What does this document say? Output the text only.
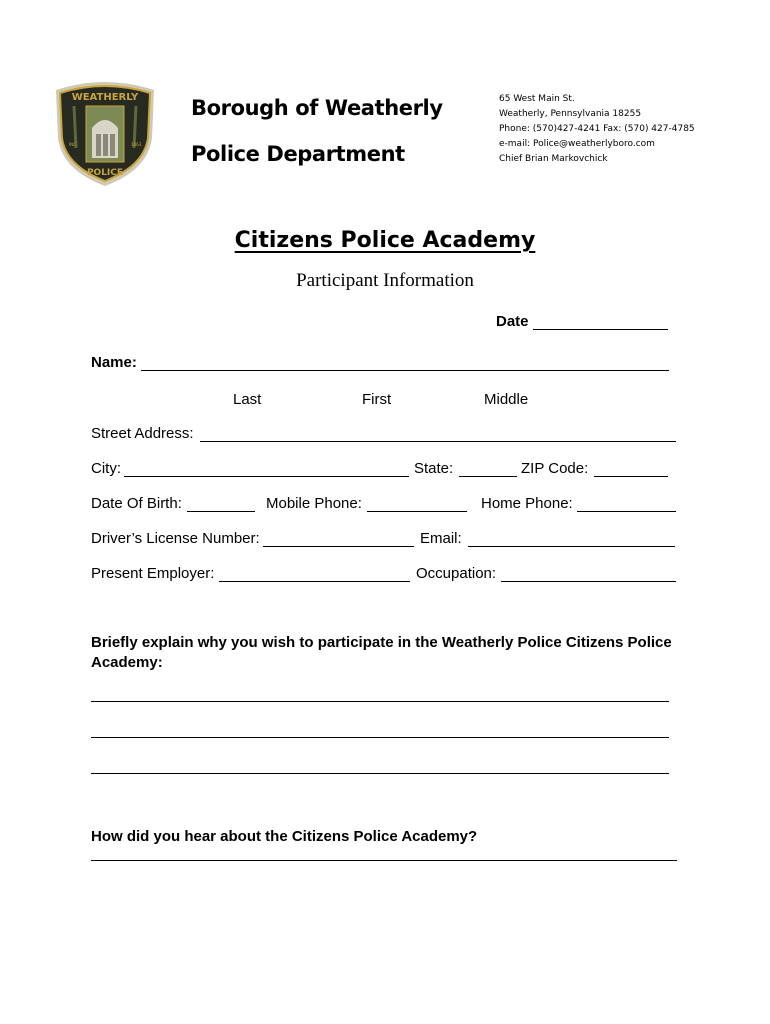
WEATHERLY
POLICE
INC.	1863
Borough of Weatherly
Police Department
65 West Main St.
Weatherly, Pennsylvania 18255
Phone: (570)427-4241 Fax: (570) 427-4785
e-mail: Police@weatherlyboro.com
Chief Brian Markovchick
Citizens Police Academy
Participant Information
Date
Name:
Last	First	Middle
Street Address:
City:	State:	ZIP Code:
Date Of Birth:	Mobile Phone:	Home Phone:
Driver’s License Number:	Email:
Present Employer:	Occupation:
Briefly explain why you wish to participate in the Weatherly Police Citizens Police Academy:
How did you hear about the Citizens Police Academy?
